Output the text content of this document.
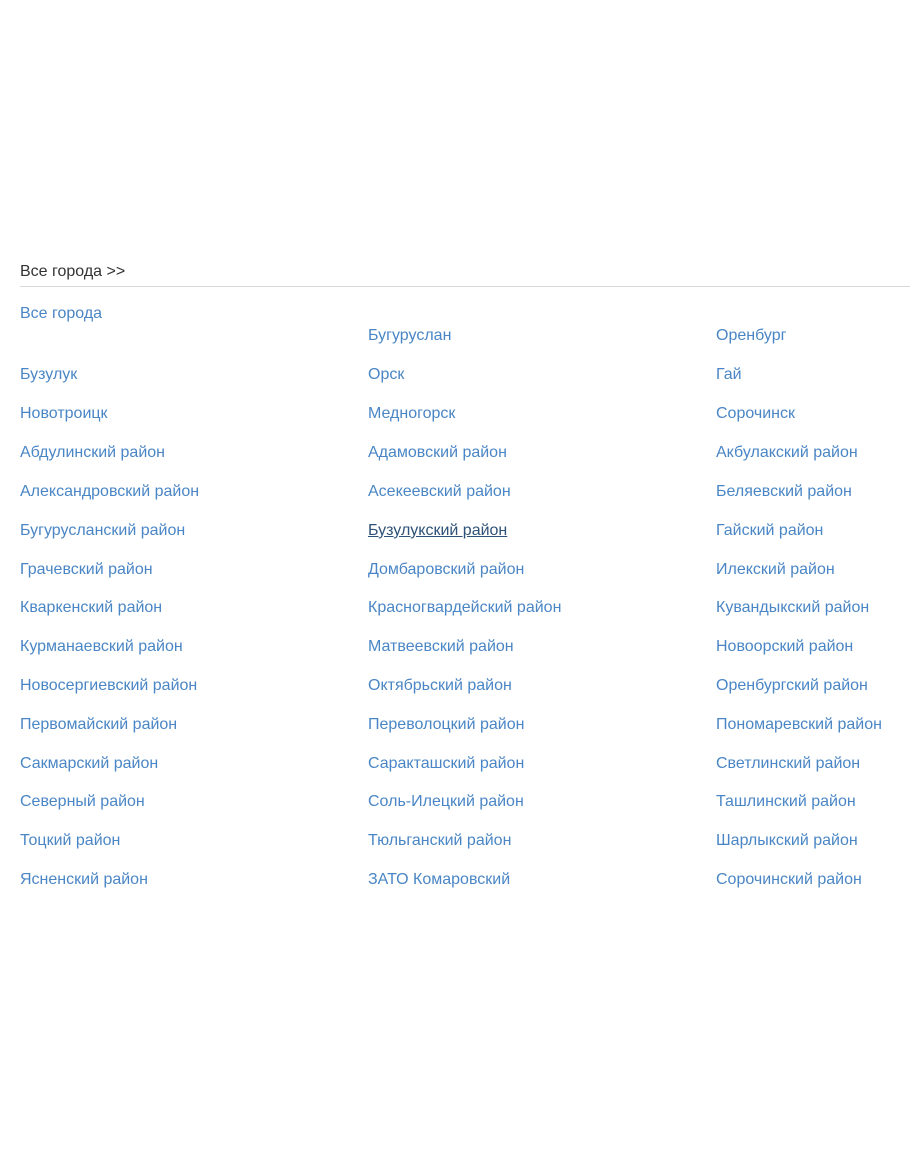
Все города >>
Все города
Бузулук
Новотроицк
Абдулинский район
Александровский район
Бугурусланский район
Грачевский район
Кваркенский район
Курманаевский район
Новосергиевский район
Первомайский район
Сакмарский район
Северный район
Тоцкий район
Ясненский район
Бугуруслан
Орск
Медногорск
Адамовский район
Асекеевский район
Бузулукский район
Домбаровский район
Красногвардейский район
Матвеевский район
Октябрьский район
Переволоцкий район
Саракташский район
Соль-Илецкий район
Тюльганский район
ЗАТО Комаровский
Оренбург
Гай
Сорочинск
Акбулакский район
Беляевский район
Гайский район
Илекский район
Кувандыкский район
Новоорский район
Оренбургский район
Пономаревский район
Светлинский район
Ташлинский район
Шарлыкский район
Сорочинский район
